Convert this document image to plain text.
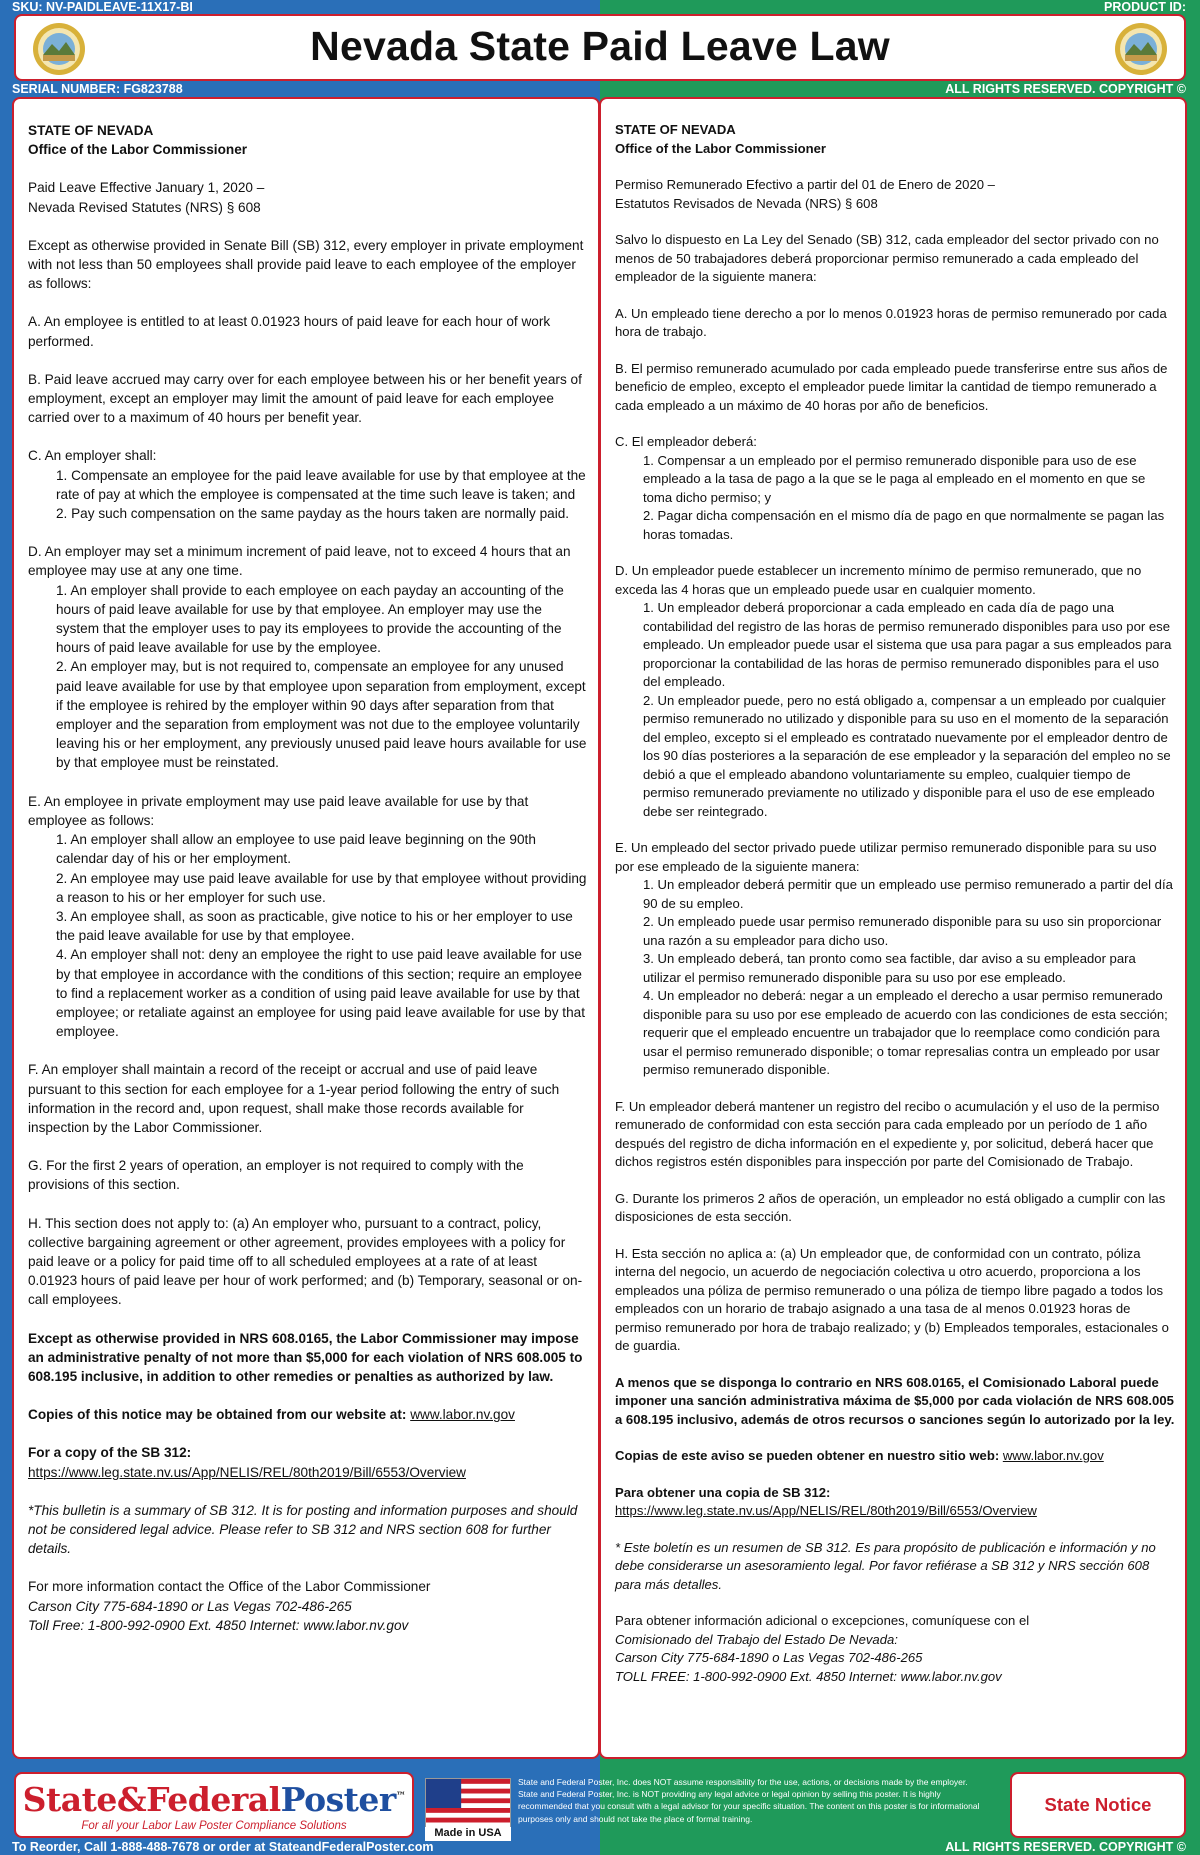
SKU: NV-PAIDLEAVE-11X17-BI	PRODUCT ID:
Nevada State Paid Leave Law
SERIAL NUMBER: FG823788	ALL RIGHTS RESERVED. COPYRIGHT ©
STATE OF NEVADA
Office of the Labor Commissioner
Paid Leave Effective January 1, 2020 –
Nevada Revised Statutes (NRS) § 608
Except as otherwise provided in Senate Bill (SB) 312, every employer in private employment with not less than 50 employees shall provide paid leave to each employee of the employer as follows:
A. An employee is entitled to at least 0.01923 hours of paid leave for each hour of work performed.
B. Paid leave accrued may carry over for each employee between his or her benefit years of employment, except an employer may limit the amount of paid leave for each employee carried over to a maximum of 40 hours per benefit year.
C. An employer shall:
1. Compensate an employee for the paid leave available for use by that employee at the rate of pay at which the employee is compensated at the time such leave is taken; and
2. Pay such compensation on the same payday as the hours taken are normally paid.
D. An employer may set a minimum increment of paid leave, not to exceed 4 hours that an employee may use at any one time.
1. An employer shall provide to each employee on each payday an accounting of the hours of paid leave available for use by that employee. An employer may use the system that the employer uses to pay its employees to provide the accounting of the hours of paid leave available for use by the employee.
2. An employer may, but is not required to, compensate an employee for any unused paid leave available for use by that employee upon separation from employment, except if the employee is rehired by the employer within 90 days after separation from that employer and the separation from employment was not due to the employee voluntarily leaving his or her employment, any previously unused paid leave hours available for use by that employee must be reinstated.
E. An employee in private employment may use paid leave available for use by that employee as follows:
1. An employer shall allow an employee to use paid leave beginning on the 90th calendar day of his or her employment.
2. An employee may use paid leave available for use by that employee without providing a reason to his or her employer for such use.
3. An employee shall, as soon as practicable, give notice to his or her employer to use the paid leave available for use by that employee.
4. An employer shall not: deny an employee the right to use paid leave available for use by that employee in accordance with the conditions of this section; require an employee to find a replacement worker as a condition of using paid leave available for use by that employee; or retaliate against an employee for using paid leave available for use by that employee.
F. An employer shall maintain a record of the receipt or accrual and use of paid leave pursuant to this section for each employee for a 1-year period following the entry of such information in the record and, upon request, shall make those records available for inspection by the Labor Commissioner.
G. For the first 2 years of operation, an employer is not required to comply with the provisions of this section.
H. This section does not apply to: (a) An employer who, pursuant to a contract, policy, collective bargaining agreement or other agreement, provides employees with a policy for paid leave or a policy for paid time off to all scheduled employees at a rate of at least 0.01923 hours of paid leave per hour of work performed; and (b) Temporary, seasonal or on-call employees.
Except as otherwise provided in NRS 608.0165, the Labor Commissioner may impose an administrative penalty of not more than $5,000 for each violation of NRS 608.005 to 608.195 inclusive, in addition to other remedies or penalties as authorized by law.
Copies of this notice may be obtained from our website at: www.labor.nv.gov
For a copy of the SB 312:
https://www.leg.state.nv.us/App/NELIS/REL/80th2019/Bill/6553/Overview
*This bulletin is a summary of SB 312. It is for posting and information purposes and should not be considered legal advice. Please refer to SB 312 and NRS section 608 for further details.
For more information contact the Office of the Labor Commissioner
Carson City 775-684-1890 or Las Vegas 702-486-265
Toll Free: 1-800-992-0900 Ext. 4850 Internet: www.labor.nv.gov
STATE OF NEVADA
Office of the Labor Commissioner
Permiso Remunerado Efectivo a partir del 01 de Enero de 2020 –
Estatutos Revisados de Nevada (NRS) § 608
Salvo lo dispuesto en La Ley del Senado (SB) 312, cada empleador del sector privado con no menos de 50 trabajadores deberá proporcionar permiso remunerado a cada empleado del empleador de la siguiente manera:
A. Un empleado tiene derecho a por lo menos 0.01923 horas de permiso remunerado por cada hora de trabajo.
B. El permiso remunerado acumulado por cada empleado puede transferirse entre sus años de beneficio de empleo, excepto el empleador puede limitar la cantidad de tiempo remunerado a cada empleado a un máximo de 40 horas por año de beneficios.
C. El empleador deberá:
1. Compensar a un empleado por el permiso remunerado disponible para uso de ese empleado a la tasa de pago a la que se le paga al empleado en el momento en que se toma dicho permiso; y
2. Pagar dicha compensación en el mismo día de pago en que normalmente se pagan las horas tomadas.
D. Un empleador puede establecer un incremento mínimo de permiso remunerado, que no exceda las 4 horas que un empleado puede usar en cualquier momento.
1. Un empleador deberá proporcionar a cada empleado en cada día de pago una contabilidad del registro de las horas de permiso remunerado disponibles para uso por ese empleado. Un empleador puede usar el sistema que usa para pagar a sus empleados para proporcionar la contabilidad de las horas de permiso remunerado disponibles para el uso del empleado.
2. Un empleador puede, pero no está obligado a, compensar a un empleado por cualquier permiso remunerado no utilizado y disponible para su uso en el momento de la separación del empleo, excepto si el empleado es contratado nuevamente por el empleador dentro de los 90 días posteriores a la separación de ese empleador y la separación del empleo no se debió a que el empleado abandono voluntariamente su empleo, cualquier tiempo de permiso remunerado previamente no utilizado y disponible para el uso de ese empleado debe ser reintegrado.
E. Un empleado del sector privado puede utilizar permiso remunerado disponible para su uso por ese empleado de la siguiente manera:
1. Un empleador deberá permitir que un empleado use permiso remunerado a partir del día 90 de su empleo.
2. Un empleado puede usar permiso remunerado disponible para su uso sin proporcionar una razón a su empleador para dicho uso.
3. Un empleado deberá, tan pronto como sea factible, dar aviso a su empleador para utilizar el permiso remunerado disponible para su uso por ese empleado.
4. Un empleador no deberá: negar a un empleado el derecho a usar permiso remunerado disponible para su uso por ese empleado de acuerdo con las condiciones de esta sección; requerir que el empleado encuentre un trabajador que lo reemplace como condición para usar el permiso remunerado disponible; o tomar represalias contra un empleado por usar permiso remunerado disponible.
F. Un empleador deberá mantener un registro del recibo o acumulación y el uso de la permiso remunerado de conformidad con esta sección para cada empleado por un período de 1 año después del registro de dicha información en el expediente y, por solicitud, deberá hacer que dichos registros estén disponibles para inspección por parte del Comisionado de Trabajo.
G. Durante los primeros 2 años de operación, un empleador no está obligado a cumplir con las disposiciones de esta sección.
H. Esta sección no aplica a: (a) Un empleador que, de conformidad con un contrato, póliza interna del negocio, un acuerdo de negociación colectiva u otro acuerdo, proporciona a los empleados una póliza de permiso remunerado o una póliza de tiempo libre pagado a todos los empleados con un horario de trabajo asignado a una tasa de al menos 0.01923 horas de permiso remunerado por hora de trabajo realizado; y (b) Empleados temporales, estacionales o de guardia.
A menos que se disponga lo contrario en NRS 608.0165, el Comisionado Laboral puede imponer una sanción administrativa máxima de $5,000 por cada violación de NRS 608.005 a 608.195 inclusivo, además de otros recursos o sanciones según lo autorizado por la ley.
Copias de este aviso se pueden obtener en nuestro sitio web: www.labor.nv.gov
Para obtener una copia de SB 312:
https://www.leg.state.nv.us/App/NELIS/REL/80th2019/Bill/6553/Overview
* Este boletín es un resumen de SB 312. Es para propósito de publicación e información y no debe considerarse un asesoramiento legal. Por favor refiérase a SB 312 y NRS sección 608 para más detalles.
Para obtener información adicional o excepciones, comuníquese con el
Comisionado del Trabajo del Estado De Nevada:
Carson City 775-684-1890 o Las Vegas 702-486-265
TOLL FREE: 1-800-992-0900 Ext. 4850 Internet: www.labor.nv.gov
State&FederalPoster™
For all your Labor Law Poster Compliance Solutions
Made in USA
State and Federal Poster, Inc. does NOT assume responsibility for the use, actions, or decisions made by the employer. State and Federal Poster, Inc. is NOT providing any legal advice or legal opinion by selling this poster. It is highly recommended that you consult with a legal advisor for your specific situation. The content on this poster is for informational purposes only and should not take the place of formal training.
State Notice
To Reorder, Call 1-888-488-7678 or order at StateandFederalPoster.com	ALL RIGHTS RESERVED. COPYRIGHT ©
